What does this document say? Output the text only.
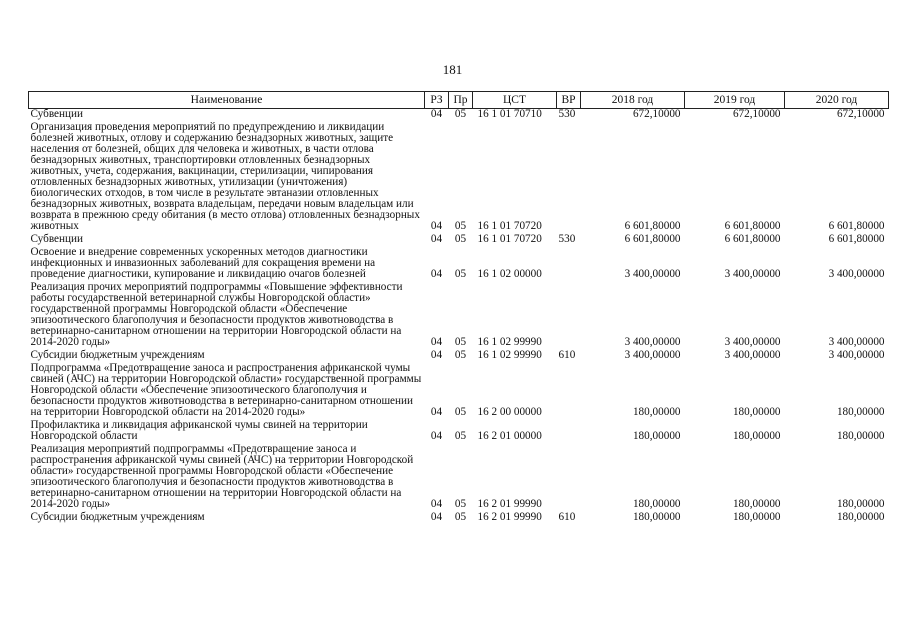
181
Наименование	РЗ	Пр	ЦСТ	ВР	2018 год	2019 год	2020 год
Субвенции	04	05	16 1 01 70710	530	672,10000	672,10000	672,10000
Организация проведения мероприятий по предупреждению и ликвидации болезней животных, отлову и содержанию безнадзорных животных, защите населения от болезней, общих для человека и животных, в части отлова безнадзорных животных, транспортировки отловленных безнадзорных животных, учета, содержания, вакцинации, стерилизации, чипирования отловленных безнадзорных животных, утилизации (уничтожения) биологических отходов, в том числе в результате эвтаназии отловленных безнадзорных животных, возврата владельцам, передачи новым владельцам или возврата в прежнюю среду обитания (в место отлова) отловленных безнадзорных животных	04	05	16 1 01 70720		6 601,80000	6 601,80000	6 601,80000
Субвенции	04	05	16 1 01 70720	530	6 601,80000	6 601,80000	6 601,80000
Освоение и внедрение современных ускоренных методов диагностики инфекционных и инвазионных заболеваний для сокращения времени на проведение диагностики, купирование и ликвидацию очагов болезней	04	05	16 1 02 00000		3 400,00000	3 400,00000	3 400,00000
Реализация прочих мероприятий подпрограммы «Повышение эффективности работы государственной ветеринарной службы Новгородской области» государственной программы Новгородской области «Обеспечение эпизоотического благополучия и безопасности продуктов животноводства в ветеринарно-санитарном отношении на территории Новгородской области на 2014-2020 годы»	04	05	16 1 02 99990		3 400,00000	3 400,00000	3 400,00000
Субсидии бюджетным учреждениям	04	05	16 1 02 99990	610	3 400,00000	3 400,00000	3 400,00000
Подпрограмма «Предотвращение заноса и распространения африканской чумы свиней (АЧС) на территории Новгородской области» государственной программы Новгородской области «Обеспечение эпизоотического благополучия и безопасности продуктов животноводства в ветеринарно-санитарном отношении на территории Новгородской области на 2014-2020 годы»	04	05	16 2 00 00000		180,00000	180,00000	180,00000
Профилактика и ликвидация африканской чумы свиней на территории Новгородской области	04	05	16 2 01 00000		180,00000	180,00000	180,00000
Реализация мероприятий подпрограммы «Предотвращение заноса и распространения африканской чумы свиней (АЧС) на территории Новгородской области» государственной программы Новгородской области «Обеспечение эпизоотического благополучия и безопасности продуктов животноводства в ветеринарно-санитарном отношении на территории Новгородской области на 2014-2020 годы»	04	05	16 2 01 99990		180,00000	180,00000	180,00000
Субсидии бюджетным учреждениям	04	05	16 2 01 99990	610	180,00000	180,00000	180,00000
